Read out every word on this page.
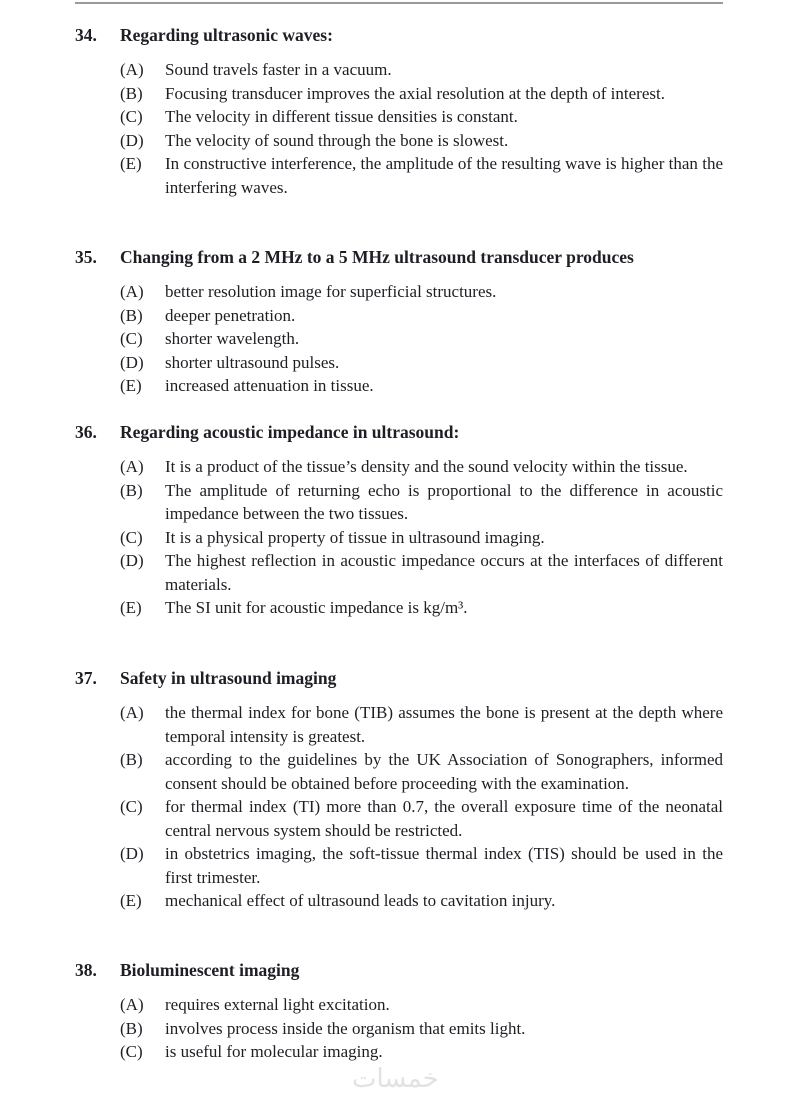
34.	Regarding ultrasonic waves:
(A)	Sound travels faster in a vacuum.
(B)	Focusing transducer improves the axial resolution at the depth of interest.
(C)	The velocity in different tissue densities is constant.
(D)	The velocity of sound through the bone is slowest.
(E)	In constructive interference, the amplitude of the resulting wave is higher than the interfering waves.
35.	Changing from a 2 MHz to a 5 MHz ultrasound transducer produces
(A)	better resolution image for superficial structures.
(B)	deeper penetration.
(C)	shorter wavelength.
(D)	shorter ultrasound pulses.
(E)	increased attenuation in tissue.
36.	Regarding acoustic impedance in ultrasound:
(A)	It is a product of the tissue’s density and the sound velocity within the tissue.
(B)	The amplitude of returning echo is proportional to the difference in acoustic impedance between the two tissues.
(C)	It is a physical property of tissue in ultrasound imaging.
(D)	The highest reflection in acoustic impedance occurs at the interfaces of different materials.
(E)	The SI unit for acoustic impedance is kg/m³.
37.	Safety in ultrasound imaging
(A)	the thermal index for bone (TIB) assumes the bone is present at the depth where temporal intensity is greatest.
(B)	according to the guidelines by the UK Association of Sonographers, informed consent should be obtained before proceeding with the examination.
(C)	for thermal index (TI) more than 0.7, the overall exposure time of the neonatal central nervous system should be restricted.
(D)	in obstetrics imaging, the soft-tissue thermal index (TIS) should be used in the first trimester.
(E)	mechanical effect of ultrasound leads to cavitation injury.
38.	Bioluminescent imaging
(A)	requires external light excitation.
(B)	involves process inside the organism that emits light.
(C)	is useful for molecular imaging.
خمسات
